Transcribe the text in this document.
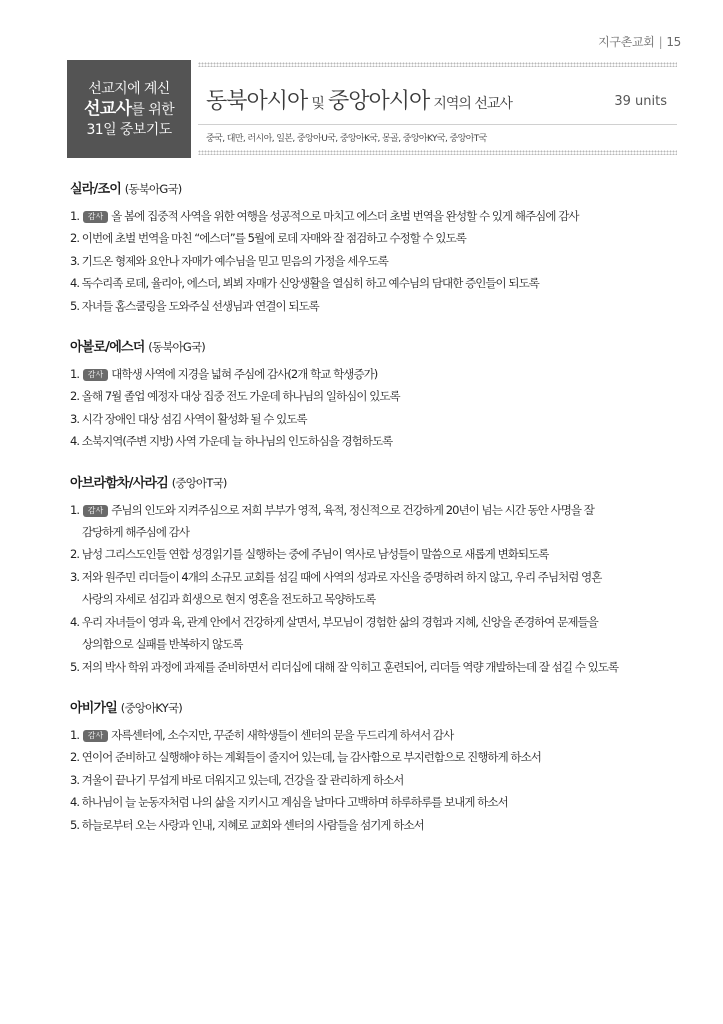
지구촌교회 | 15
선교지에 계신
선교사를 위한
31일 중보기도
동북아시아 및 중앙아시아 지역의 선교사	39 units
중국, 대만, 러시아, 일본, 중앙아U국, 중앙아K국, 몽골, 중앙아KY국, 중앙아T국
실라/조이 (동북아G국)
1. 감사 올 봄에 집중적 사역을 위한 여행을 성공적으로 마치고 에스더 초벌 번역을 완성할 수 있게 해주심에 감사
2. 이번에 초벌 번역을 마친 “에스더”를 5월에 로데 자매와 잘 점검하고 수정할 수 있도록
3. 기드온 형제와 요안나 자매가 예수님을 믿고 믿음의 가정을 세우도록
4. 독수리족 로데, 율리아, 에스더, 뵈뵈 자매가 신앙생활을 열심히 하고 예수님의 담대한 증인들이 되도록
5. 자녀들 홈스쿨링을 도와주실 선생님과 연결이 되도록
아볼로/에스더 (동북아G국)
1. 감사 대학생 사역에 지경을 넓혀 주심에 감사(2개 학교 학생증가)
2. 올해 7월 졸업 예정자 대상 집중 전도 가운데 하나님의 일하심이 있도록
3. 시각 장애인 대상 섬김 사역이 활성화 될 수 있도록
4. 소북지역(주변 지방) 사역 가운데 늘 하나님의 인도하심을 경험하도록
아브라함차/사라김 (중앙아T국)
1. 감사 주님의 인도와 지켜주심으로 저희 부부가 영적, 육적, 정신적으로 건강하게 20년이 넘는 시간 동안 사명을 잘
감당하게 해주심에 감사
2. 남성 그리스도인들 연합 성경읽기를 실행하는 중에 주님이 역사로 남성들이 말씀으로 새롭게 변화되도록
3. 저와 원주민 리더들이 4개의 소규모 교회를 섬길 때에 사역의 성과로 자신을 증명하려 하지 않고, 우리 주님처럼 영혼
사랑의 자세로 섬김과 희생으로 현지 영혼을 전도하고 목양하도록
4. 우리 자녀들이 영과 육, 관계 안에서 건강하게 살면서, 부모님이 경험한 삶의 경험과 지혜, 신앙을 존경하여 문제들을
상의함으로 실패를 반복하지 않도록
5. 저의 박사 학위 과정에 과제를 준비하면서 리더십에 대해 잘 익히고 훈련되어, 리더들 역량 개발하는데 잘 섬길 수 있도록
아비가일 (중앙아KY국)
1. 감사 자륵센터에, 소수지만, 꾸준히 새학생들이 센터의 문을 두드리게 하셔서 감사
2. 연이어 준비하고 실행해야 하는 계획들이 줄지어 있는데, 늘 감사함으로 부지런함으로 진행하게 하소서
3. 겨울이 끝나기 무섭게 바로 더워지고 있는데, 건강을 잘 관리하게 하소서
4. 하나님이 늘 눈동자처럼 나의 삶을 지키시고 계심을 날마다 고백하며 하루하루를 보내게 하소서
5. 하늘로부터 오는 사랑과 인내, 지혜로 교회와 센터의 사람들을 섬기게 하소서
